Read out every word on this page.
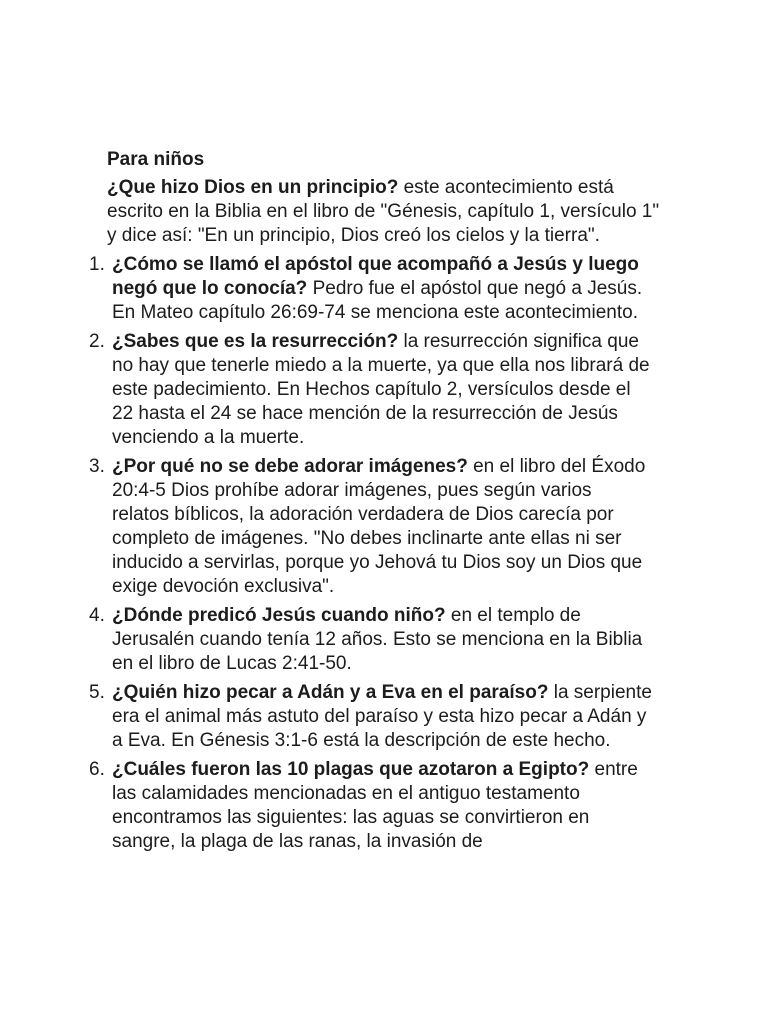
Para niños

¿Que hizo Dios en un principio? este acontecimiento está escrito en la Biblia en el libro de "Génesis, capítulo 1, versículo 1" y dice así: "En un principio, Dios creó los cielos y la tierra".

1. ¿Cómo se llamó el apóstol que acompañó a Jesús y luego negó que lo conocía? Pedro fue el apóstol que negó a Jesús. En Mateo capítulo 26:69-74 se menciona este acontecimiento.
2. ¿Sabes que es la resurrección? la resurrección significa que no hay que tenerle miedo a la muerte, ya que ella nos librará de este padecimiento. En Hechos capítulo 2, versículos desde el 22 hasta el 24 se hace mención de la resurrección de Jesús venciendo a la muerte.
3. ¿Por qué no se debe adorar imágenes? en el libro del Éxodo 20:4-5 Dios prohíbe adorar imágenes, pues según varios relatos bíblicos, la adoración verdadera de Dios carecía por completo de imágenes. "No debes inclinarte ante ellas ni ser inducido a servirlas, porque yo Jehová tu Dios soy un Dios que exige devoción exclusiva".
4. ¿Dónde predicó Jesús cuando niño? en el templo de Jerusalén cuando tenía 12 años. Esto se menciona en la Biblia en el libro de Lucas 2:41-50.
5. ¿Quién hizo pecar a Adán y a Eva en el paraíso? la serpiente era el animal más astuto del paraíso y esta hizo pecar a Adán y a Eva. En Génesis 3:1-6 está la descripción de este hecho.
6. ¿Cuáles fueron las 10 plagas que azotaron a Egipto? entre las calamidades mencionadas en el antiguo testamento encontramos las siguientes: las aguas se convirtieron en sangre, la plaga de las ranas, la invasión de
